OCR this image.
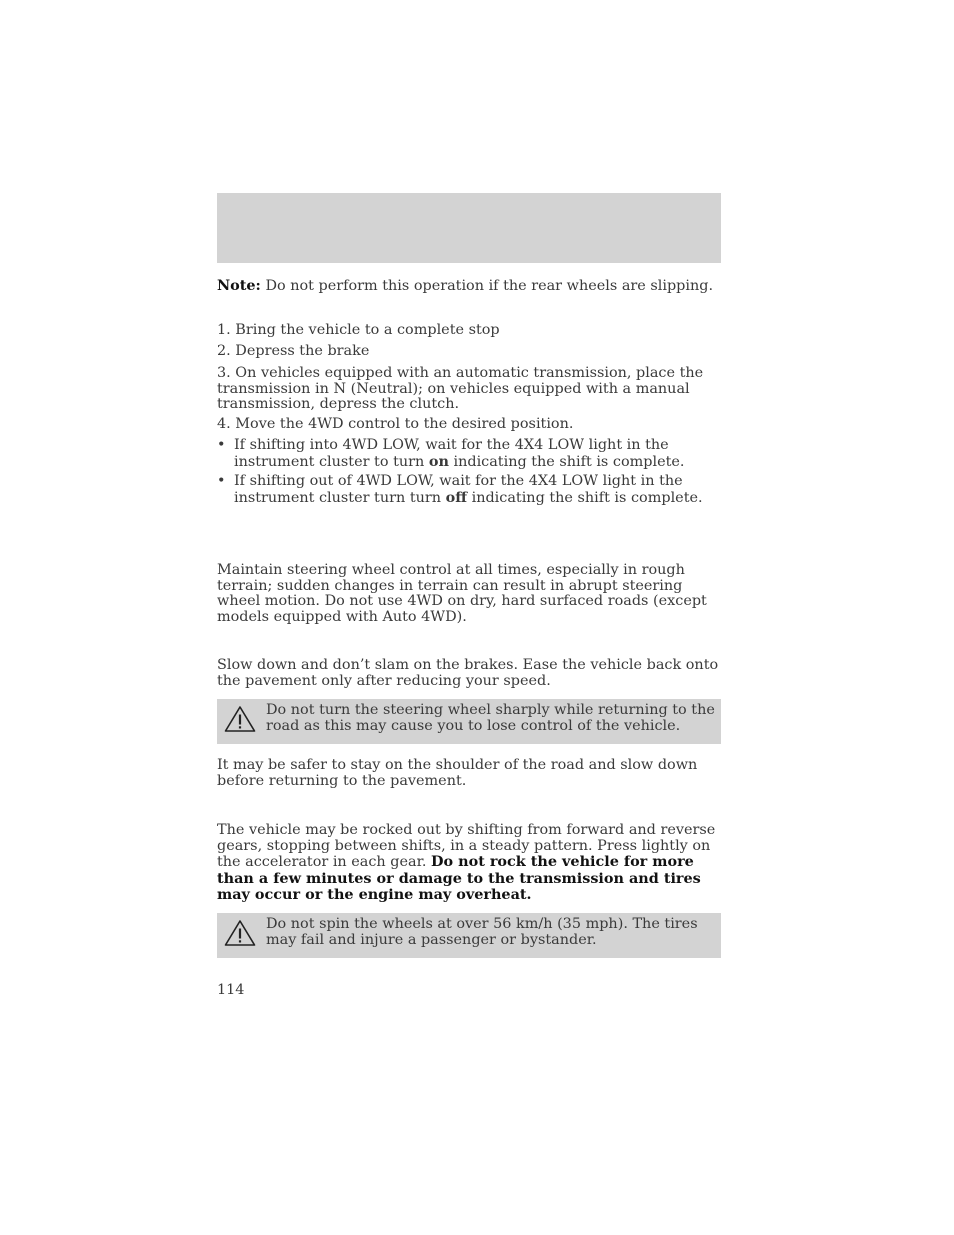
Note: Do not perform this operation if the rear wheels are slipping.
1. Bring the vehicle to a complete stop
2. Depress the brake
3. On vehicles equipped with an automatic transmission, place the transmission in N (Neutral); on vehicles equipped with a manual transmission, depress the clutch.
4. Move the 4WD control to the desired position.
• If shifting into 4WD LOW, wait for the 4X4 LOW light in the instrument cluster to turn on indicating the shift is complete.
• If shifting out of 4WD LOW, wait for the 4X4 LOW light in the instrument cluster turn turn off indicating the shift is complete.
Maintain steering wheel control at all times, especially in rough terrain; sudden changes in terrain can result in abrupt steering wheel motion. Do not use 4WD on dry, hard surfaced roads (except models equipped with Auto 4WD).
Slow down and don’t slam on the brakes. Ease the vehicle back onto the pavement only after reducing your speed.
Do not turn the steering wheel sharply while returning to the road as this may cause you to lose control of the vehicle.
It may be safer to stay on the shoulder of the road and slow down before returning to the pavement.
The vehicle may be rocked out by shifting from forward and reverse gears, stopping between shifts, in a steady pattern. Press lightly on the accelerator in each gear. Do not rock the vehicle for more than a few minutes or damage to the transmission and tires may occur or the engine may overheat.
Do not spin the wheels at over 56 km/h (35 mph). The tires may fail and injure a passenger or bystander.
114
